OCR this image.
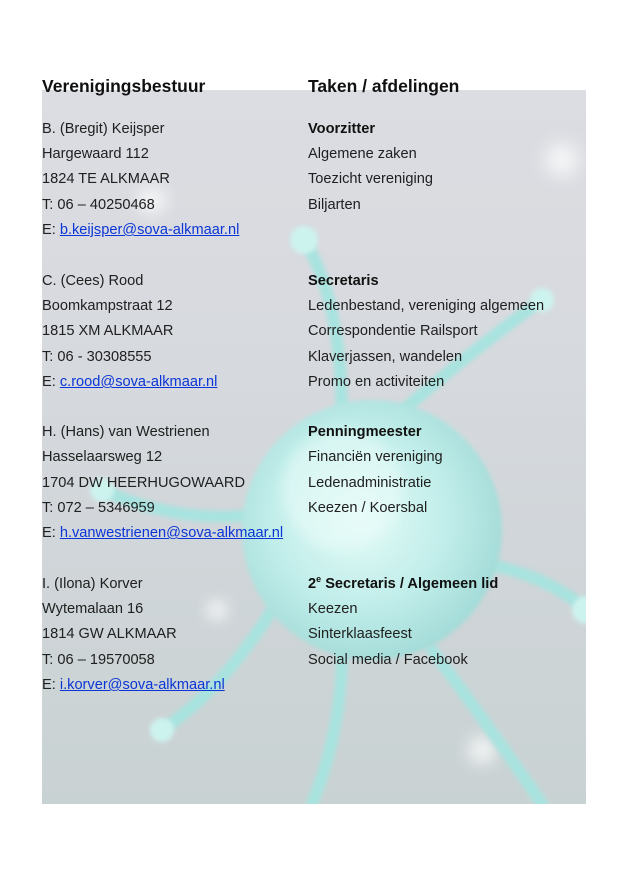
Verenigingsbestuur	Taken / afdelingen
B. (Bregit) Keijsper
Hargewaard 112
1824 TE ALKMAAR
T: 06 – 40250468
E: b.keijsper@sova-alkmaar.nl
Voorzitter
Algemene zaken
Toezicht vereniging
Biljarten
C. (Cees) Rood
Boomkampstraat 12
1815 XM ALKMAAR
T: 06 - 30308555
E: c.rood@sova-alkmaar.nl
Secretaris
Ledenbestand, vereniging algemeen
Correspondentie Railsport
Klaverjassen, wandelen
Promo en activiteiten
H. (Hans) van Westrienen
Hasselaarsweg 12
1704 DW HEERHUGOWAARD
T: 072 – 5346959
E: h.vanwestrienen@sova-alkmaar.nl
Penningmeester
Financiën vereniging
Ledenadministratie
Keezen / Koersbal
I. (Ilona) Korver
Wytemalaan 16
1814 GW ALKMAAR
T: 06 – 19570058
E: i.korver@sova-alkmaar.nl
2e Secretaris / Algemeen lid
Keezen
Sinterklaasfeest
Social media / Facebook
